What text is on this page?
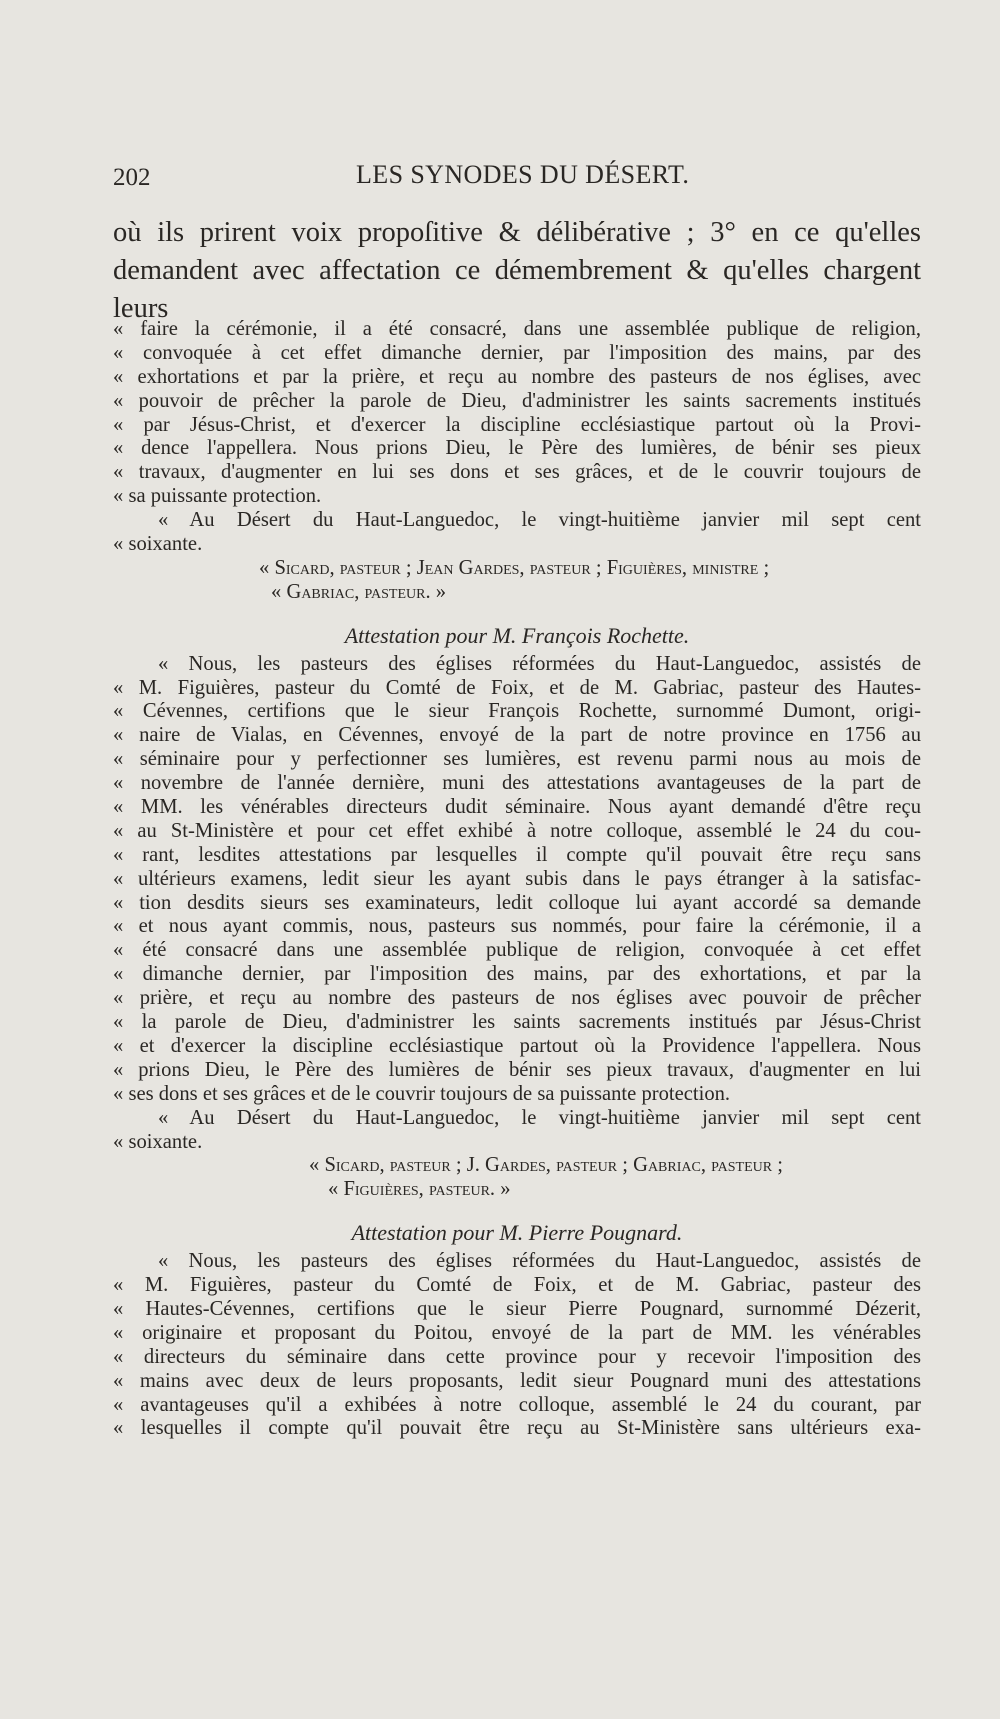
202	LES SYNODES DU DÉSERT.

où ils prirent voix propoſitive & délibérative ; 3° en ce qu'elles demandent avec affectation ce démembrement & qu'elles chargent leurs

« faire la cérémonie, il a été consacré, dans une assemblée publique de religion,
« convoquée à cet effet dimanche dernier, par l'imposition des mains, par des
« exhortations et par la prière, et reçu au nombre des pasteurs de nos églises, avec
« pouvoir de prêcher la parole de Dieu, d'administrer les saints sacrements institués
« par Jésus-Christ, et d'exercer la discipline ecclésiastique partout où la Provi-
« dence l'appellera. Nous prions Dieu, le Père des lumières, de bénir ses pieux
« travaux, d'augmenter en lui ses dons et ses grâces, et de le couvrir toujours de
« sa puissante protection.
« Au Désert du Haut-Languedoc, le vingt-huitième janvier mil sept cent
« soixante.
« Sicard, pasteur ; Jean Gardes, pasteur ; Figuières, ministre ;
« Gabriac, pasteur. »
Attestation pour M. François Rochette.
« Nous, les pasteurs des églises réformées du Haut-Languedoc, assistés de
« M. Figuières, pasteur du Comté de Foix, et de M. Gabriac, pasteur des Hautes-
« Cévennes, certifions que le sieur François Rochette, surnommé Dumont, origi-
« naire de Vialas, en Cévennes, envoyé de la part de notre province en 1756 au
« séminaire pour y perfectionner ses lumières, est revenu parmi nous au mois de
« novembre de l'année dernière, muni des attestations avantageuses de la part de
« MM. les vénérables directeurs dudit séminaire. Nous ayant demandé d'être reçu
« au St-Ministère et pour cet effet exhibé à notre colloque, assemblé le 24 du cou-
« rant, lesdites attestations par lesquelles il compte qu'il pouvait être reçu sans
« ultérieurs examens, ledit sieur les ayant subis dans le pays étranger à la satisfac-
« tion desdits sieurs ses examinateurs, ledit colloque lui ayant accordé sa demande
« et nous ayant commis, nous, pasteurs sus nommés, pour faire la cérémonie, il a
« été consacré dans une assemblée publique de religion, convoquée à cet effet
« dimanche dernier, par l'imposition des mains, par des exhortations, et par la
« prière, et reçu au nombre des pasteurs de nos églises avec pouvoir de prêcher
« la parole de Dieu, d'administrer les saints sacrements institués par Jésus-Christ
« et d'exercer la discipline ecclésiastique partout où la Providence l'appellera. Nous
« prions Dieu, le Père des lumières de bénir ses pieux travaux, d'augmenter en lui
« ses dons et ses grâces et de le couvrir toujours de sa puissante protection.
« Au Désert du Haut-Languedoc, le vingt-huitième janvier mil sept cent
« soixante.
« Sicard, pasteur ; J. Gardes, pasteur ; Gabriac, pasteur ;
« Figuières, pasteur. »
Attestation pour M. Pierre Pougnard.
« Nous, les pasteurs des églises réformées du Haut-Languedoc, assistés de
« M. Figuières, pasteur du Comté de Foix, et de M. Gabriac, pasteur des
« Hautes-Cévennes, certifions que le sieur Pierre Pougnard, surnommé Dézerit,
« originaire et proposant du Poitou, envoyé de la part de MM. les vénérables
« directeurs du séminaire dans cette province pour y recevoir l'imposition des
« mains avec deux de leurs proposants, ledit sieur Pougnard muni des attestations
« avantageuses qu'il a exhibées à notre colloque, assemblé le 24 du courant, par
« lesquelles il compte qu'il pouvait être reçu au St-Ministère sans ultérieurs exa-
